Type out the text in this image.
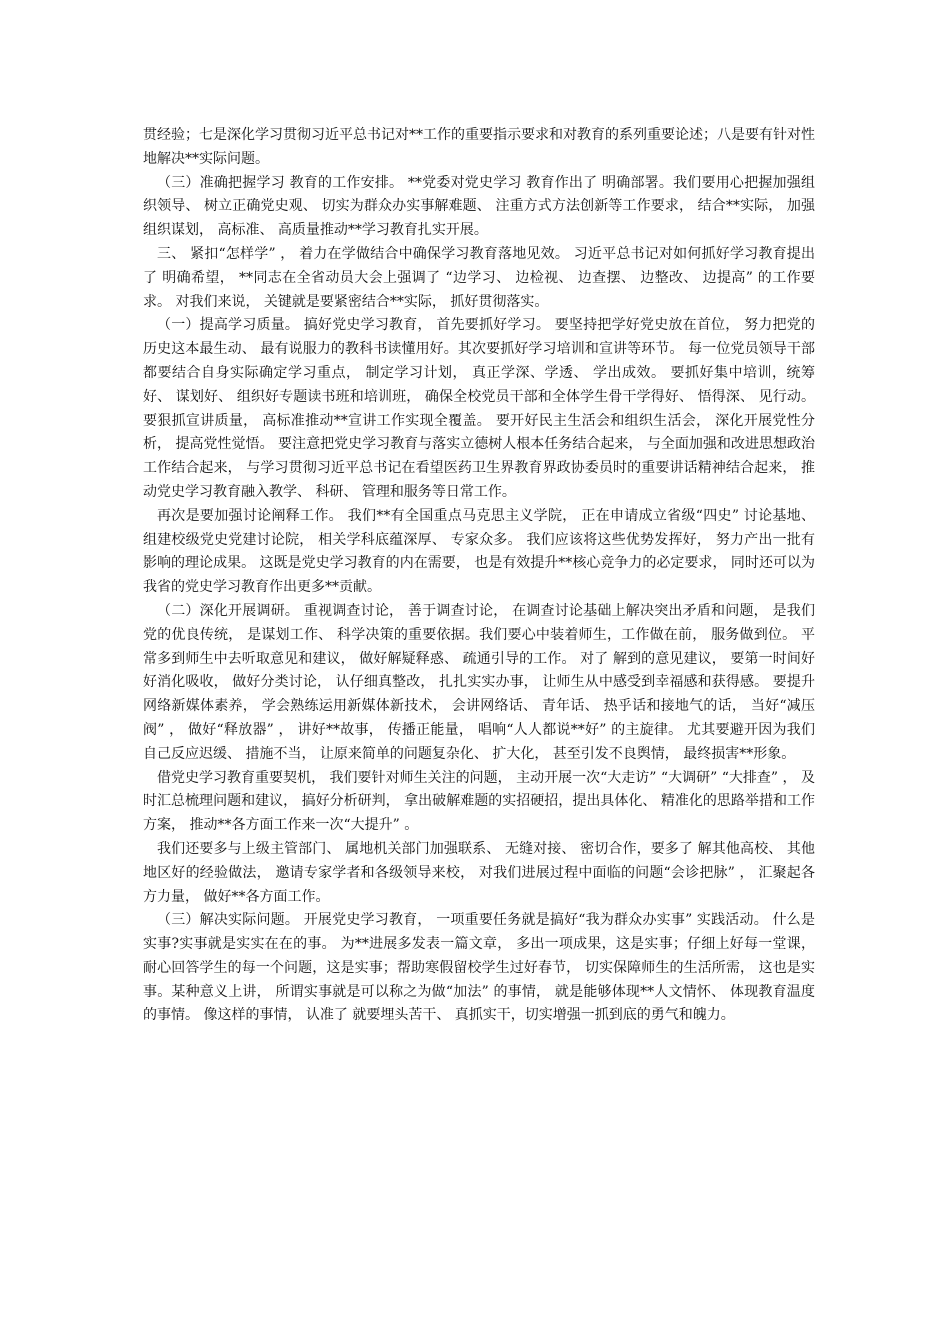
贯经验；七是深化学习贯彻习近平总书记对**工作的重要指示要求和对教育的系列重要论述；八是要有针对性地解决**实际问题。

（三）准确把握学习 教育的工作安排。 **党委对党史学习 教育作出了 明确部署。我们要用心把握加强组织领导、 树立正确党史观、 切实为群众办实事解难题、 注重方式方法创新等工作要求， 结合**实际， 加强组织谋划， 高标准、 高质量推动**学习教育扎实开展。

三、 紧扣“怎样学” ， 着力在学做结合中确保学习教育落地见效。 习近平总书记对如何抓好学习教育提出了 明确希望， **同志在全省动员大会上强调了 “边学习、 边检视、 边查摆、 边整改、 边提高” 的工作要求。 对我们来说， 关键就是要紧密结合**实际， 抓好贯彻落实。

（一）提高学习质量。 搞好党史学习教育， 首先要抓好学习。 要坚持把学好党史放在首位， 努力把党的历史这本最生动、 最有说服力的教科书读懂用好。其次要抓好学习培训和宣讲等环节。 每一位党员领导干部都要结合自身实际确定学习重点， 制定学习计划， 真正学深、学透、 学出成效。 要抓好集中培训，统筹好、 谋划好、 组织好专题读书班和培训班， 确保全校党员干部和全体学生骨干学得好、 悟得深、 见行动。 要狠抓宣讲质量， 高标准推动**宣讲工作实现全覆盖。 要开好民主生活会和组织生活会， 深化开展党性分析， 提高党性觉悟。 要注意把党史学习教育与落实立德树人根本任务结合起来， 与全面加强和改进思想政治工作结合起来， 与学习贯彻习近平总书记在看望医药卫生界教育界政协委员时的重要讲话精神结合起来， 推动党史学习教育融入教学、 科研、 管理和服务等日常工作。

再次是要加强讨论阐释工作。 我们**有全国重点马克思主义学院， 正在申请成立省级“四史” 讨论基地、 组建校级党史党建讨论院， 相关学科底蕴深厚、 专家众多。 我们应该将这些优势发挥好， 努力产出一批有影响的理论成果。 这既是党史学习教育的内在需要， 也是有效提升**核心竞争力的必定要求， 同时还可以为我省的党史学习教育作出更多**贡献。

（二）深化开展调研。 重视调查讨论， 善于调查讨论， 在调查讨论基础上解决突出矛盾和问题， 是我们党的优良传统， 是谋划工作、 科学决策的重要依据。我们要心中装着师生，工作做在前， 服务做到位。 平常多到师生中去听取意见和建议， 做好解疑释惑、 疏通引导的工作。 对了 解到的意见建议， 要第一时间好好消化吸收， 做好分类讨论， 认仔细真整改， 扎扎实实办事， 让师生从中感受到幸福感和获得感。 要提升网络新媒体素养， 学会熟练运用新媒体新技术， 会讲网络话、 青年话、 热乎话和接地气的话， 当好“减压阀” ， 做好“释放器” ， 讲好**故事， 传播正能量， 唱响“人人都说**好” 的主旋律。 尤其要避开因为我们自己反应迟缓、 措施不当， 让原来简单的问题复杂化、 扩大化， 甚至引发不良舆情， 最终损害**形象。

借党史学习教育重要契机， 我们要针对师生关注的问题， 主动开展一次“大走访” “大调研” “大排查” ， 及时汇总梳理问题和建议， 搞好分析研判， 拿出破解难题的实招硬招，提出具体化、 精准化的思路举措和工作方案， 推动**各方面工作来一次“大提升” 。

我们还要多与上级主管部门、 属地机关部门加强联系、 无缝对接、 密切合作，要多了 解其他高校、 其他地区好的经验做法， 邀请专家学者和各级领导来校， 对我们进展过程中面临的问题“会诊把脉” ， 汇聚起各方力量， 做好**各方面工作。

（三）解决实际问题。 开展党史学习教育， 一项重要任务就是搞好“我为群众办实事” 实践活动。 什么是实事?实事就是实实在在的事。 为**进展多发表一篇文章， 多出一项成果，这是实事；仔细上好每一堂课， 耐心回答学生的每一个问题，这是实事；帮助寒假留校学生过好春节， 切实保障师生的生活所需， 这也是实事。某种意义上讲， 所谓实事就是可以称之为做“加法” 的事情， 就是能够体现**人文情怀、 体现教育温度的事情。 像这样的事情， 认准了 就要埋头苦干、 真抓实干，切实增强一抓到底的勇气和魄力。
